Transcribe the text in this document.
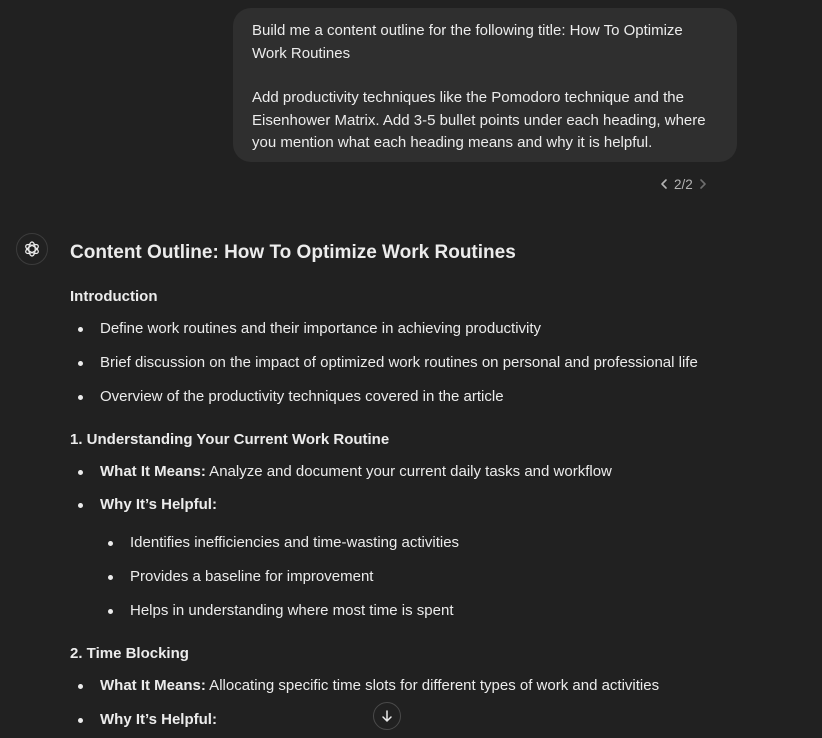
Build me a content outline for the following title: How To Optimize Work Routines

Add productivity techniques like the Pomodoro technique and the Eisenhower Matrix. Add 3-5 bullet points under each heading, where you mention what each heading means and why it is helpful.

2/2
Content Outline: How To Optimize Work Routines
Introduction
Define work routines and their importance in achieving productivity
Brief discussion on the impact of optimized work routines on personal and professional life
Overview of the productivity techniques covered in the article
1. Understanding Your Current Work Routine
What It Means: Analyze and document your current daily tasks and workflow
Why It’s Helpful:
Identifies inefficiencies and time-wasting activities
Provides a baseline for improvement
Helps in understanding where most time is spent
2. Time Blocking
What It Means: Allocating specific time slots for different types of work and activities
Why It’s Helpful:
